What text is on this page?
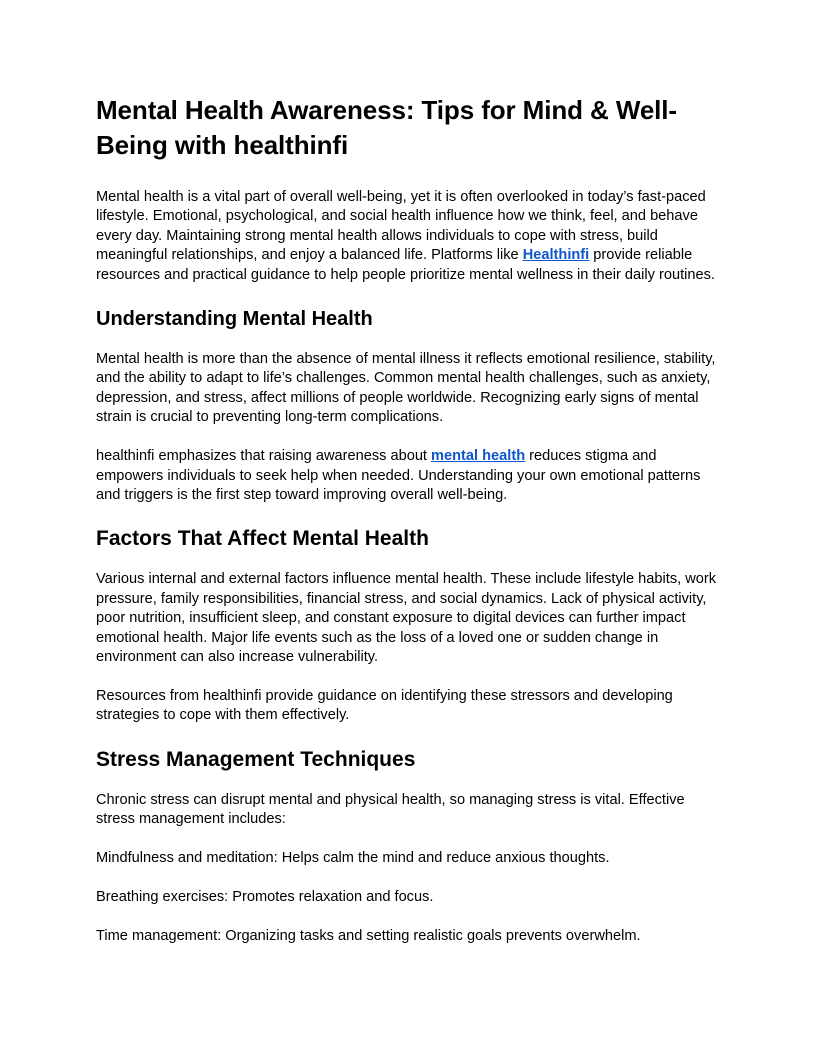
Mental Health Awareness: Tips for Mind & Well-Being with healthinfi

Mental health is a vital part of overall well-being, yet it is often overlooked in today’s fast-paced lifestyle. Emotional, psychological, and social health influence how we think, feel, and behave every day. Maintaining strong mental health allows individuals to cope with stress, build meaningful relationships, and enjoy a balanced life. Platforms like Healthinfi provide reliable resources and practical guidance to help people prioritize mental wellness in their daily routines.

Understanding Mental Health

Mental health is more than the absence of mental illness it reflects emotional resilience, stability, and the ability to adapt to life’s challenges. Common mental health challenges, such as anxiety, depression, and stress, affect millions of people worldwide. Recognizing early signs of mental strain is crucial to preventing long-term complications.

healthinfi emphasizes that raising awareness about mental health reduces stigma and empowers individuals to seek help when needed. Understanding your own emotional patterns and triggers is the first step toward improving overall well-being.

Factors That Affect Mental Health

Various internal and external factors influence mental health. These include lifestyle habits, work pressure, family responsibilities, financial stress, and social dynamics. Lack of physical activity, poor nutrition, insufficient sleep, and constant exposure to digital devices can further impact emotional health. Major life events such as the loss of a loved one or sudden change in environment can also increase vulnerability.

Resources from healthinfi provide guidance on identifying these stressors and developing strategies to cope with them effectively.

Stress Management Techniques

Chronic stress can disrupt mental and physical health, so managing stress is vital. Effective stress management includes:

Mindfulness and meditation: Helps calm the mind and reduce anxious thoughts.

Breathing exercises: Promotes relaxation and focus.

Time management: Organizing tasks and setting realistic goals prevents overwhelm.
